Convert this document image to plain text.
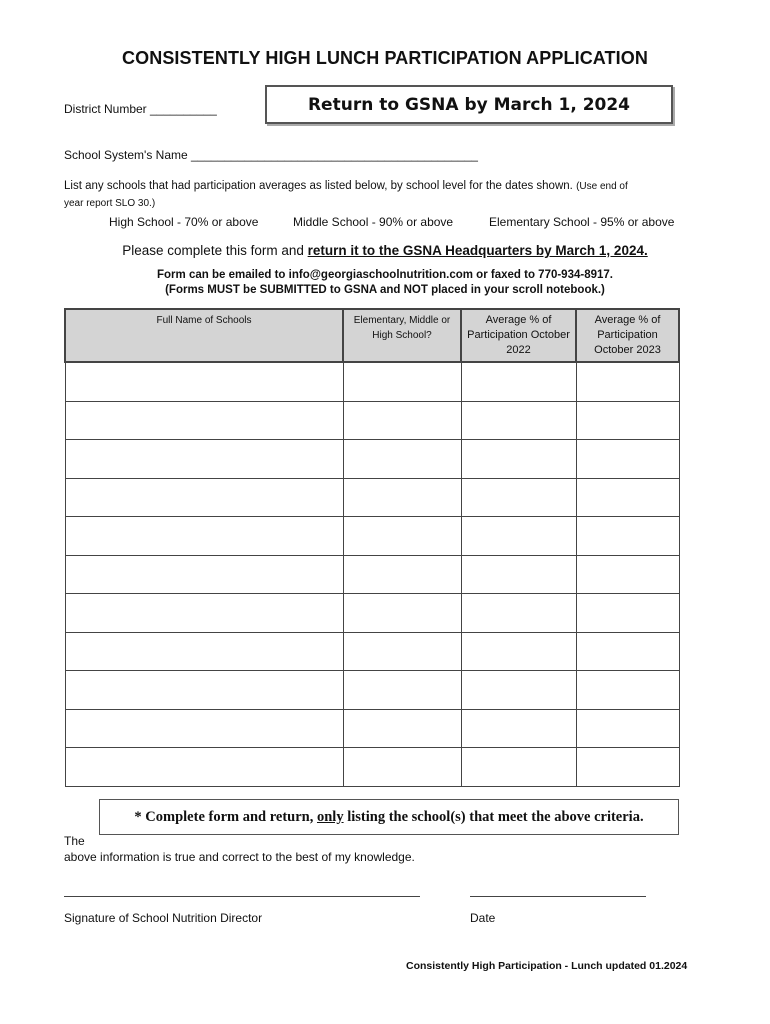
CONSISTENTLY HIGH LUNCH PARTICIPATION APPLICATION
District Number __________	Return to GSNA by March 1, 2024
School System's Name ___________________________________________
List any schools that had participation averages as listed below, by school level for the dates shown. (Use end of
year report SLO 30.)
High School - 70% or above	Middle School - 90% or above	Elementary School - 95% or above
Please complete this form and return it to the GSNA Headquarters by March 1, 2024.
Form can be emailed to info@georgiaschoolnutrition.com or faxed to 770-934-8917.
(Forms MUST be SUBMITTED to GSNA and NOT placed in your scroll notebook.)
Full Name of Schools	Elementary, Middle or High School?	Average % of Participation October 2022	Average % of Participation October 2023

* Complete form and return, only listing the school(s) that meet the above criteria.
The
above information is true and correct to the best of my knowledge.
Signature of School Nutrition Director	Date
Consistently High Participation - Lunch updated 01.2024
